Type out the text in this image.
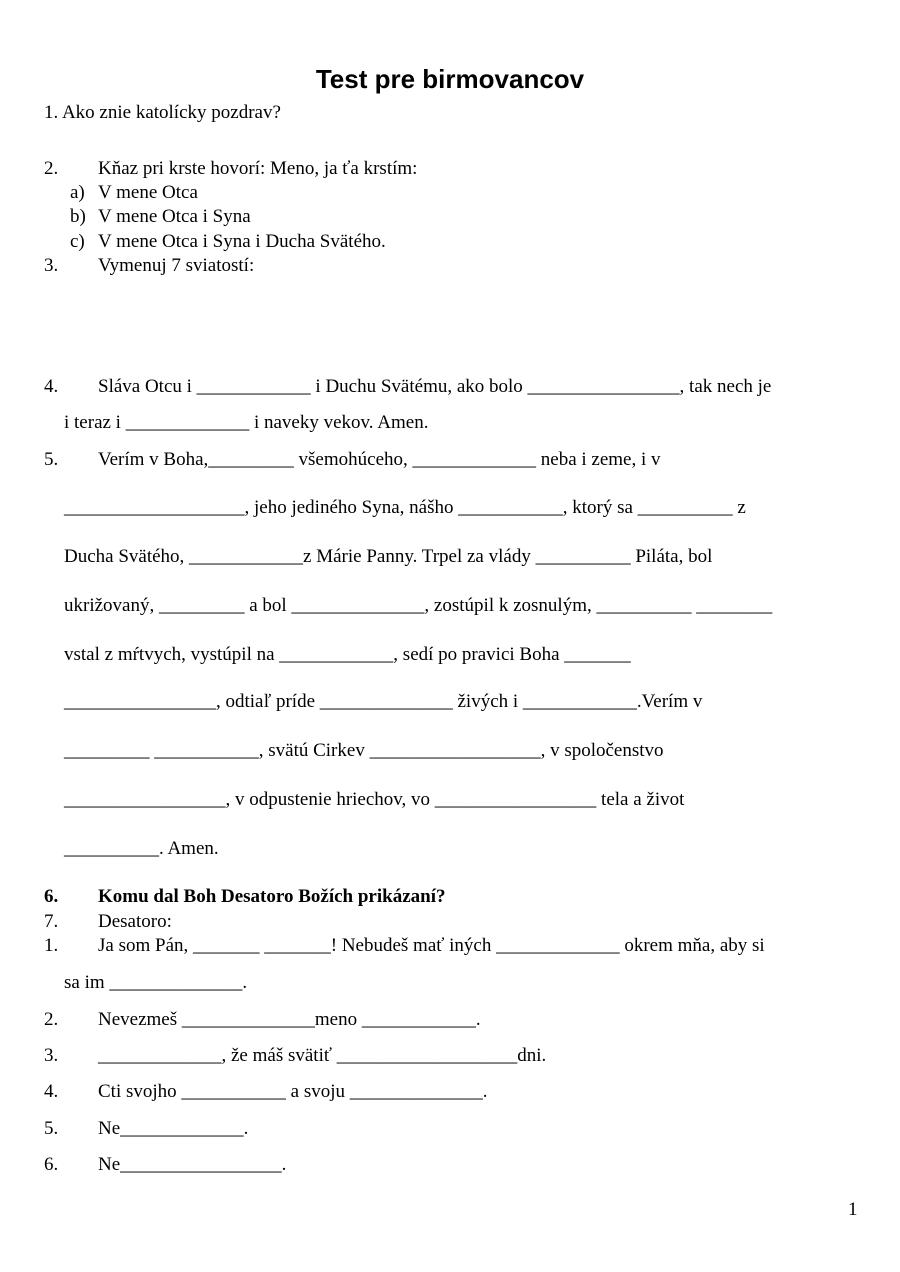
Test pre birmovancov
1. Ako znie katolícky pozdrav?
2. Kňaz pri krste hovorí: Meno, ja ťa krstím:
a) V mene Otca
b) V mene Otca i Syna
c) V mene Otca i Syna i Ducha Svätého.
3. Vymenuj 7 sviatostí:
4. Sláva Otcu i ____________ i Duchu Svätému, ako bolo ________________, tak nech je
i teraz i _____________ i naveky vekov. Amen.
5. Verím v Boha,_________ všemohúceho, _____________ neba i zeme, i v
___________________, jeho jediného Syna, nášho ___________, ktorý sa __________ z
Ducha Svätého, ____________z Márie Panny. Trpel za vlády __________ Piláta, bol
ukrižovaný, _________ a bol ______________, zostúpil k zosnulým, __________ ________
vstal z mŕtvych, vystúpil na ____________, sedí po pravici Boha _______
________________, odtiaľ príde ______________ živých i ____________.Verím v
_________ ___________, svätú Cirkev __________________, v spoločenstvo
_________________, v odpustenie hriechov, vo _________________ tela a život
__________. Amen.
6. Komu dal Boh Desatoro Božích prikázaní?
7. Desatoro:
1. Ja som Pán, _______ _______! Nebudeš mať iných _____________ okrem mňa, aby si
sa im ______________.
2. Nevezmeš ______________meno ____________.
3. _____________, že máš svätiť ___________________dni.
4. Cti svojho ___________ a svoju ______________.
5. Ne_____________.
6. Ne_________________.
1
